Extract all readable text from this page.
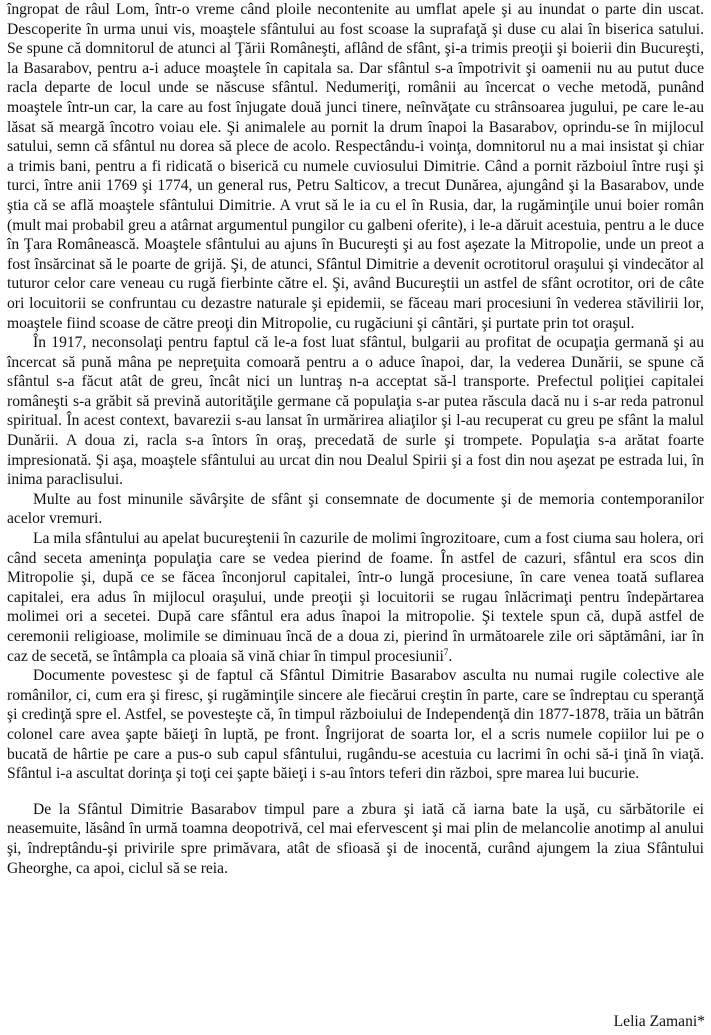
îngropat de râul Lom, într-o vreme când ploile necontenite au umflat apele şi au inundat o parte din uscat. Descoperite în urma unui vis, moaştele sfântului au fost scoase la suprafaţă şi duse cu alai în biserica satului. Se spune că domnitorul de atunci al Ţării Româneşti, aflând de sfânt, şi-a trimis preoţii şi boierii din Bucureşti, la Basarabov, pentru a-i aduce moaştele în capitala sa. Dar sfântul s-a împotrivit şi oamenii nu au putut duce racla departe de locul unde se născuse sfântul. Nedumeriţi, românii au încercat o veche metodă, punând moaştele într-un car, la care au fost înjugate două junci tinere, neînvăţate cu strânsoarea jugului, pe care le-au lăsat să meargă încotro voiau ele. Şi animalele au pornit la drum înapoi la Basarabov, oprindu-se în mijlocul satului, semn că sfântul nu dorea să plece de acolo. Respectându-i voinţa, domnitorul nu a mai insistat şi chiar a trimis bani, pentru a fi ridicată o biserică cu numele cuviosului Dimitrie. Când a pornit războiul între ruşi şi turci, între anii 1769 şi 1774, un general rus, Petru Salticov, a trecut Dunărea, ajungând şi la Basarabov, unde ştia că se află moaştele sfântului Dimitrie. A vrut să le ia cu el în Rusia, dar, la rugăminţile unui boier român (mult mai probabil greu a atârnat argumentul pungilor cu galbeni oferite), i le-a dăruit acestuia, pentru a le duce în Ţara Românească. Moaştele sfântului au ajuns în Bucureşti şi au fost aşezate la Mitropolie, unde un preot a fost însărcinat să le poarte de grijă. Şi, de atunci, Sfântul Dimitrie a devenit ocrotitorul oraşului şi vindecător al tuturor celor care veneau cu rugă fierbinte către el. Şi, având Bucureştii un astfel de sfânt ocrotitor, ori de câte ori locuitorii se confruntau cu dezastre naturale şi epidemii, se făceau mari procesiuni în vederea stăvilirii lor, moaştele fiind scoase de către preoţi din Mitropolie, cu rugăciuni şi cântări, şi purtate prin tot oraşul.

În 1917, neconsolaţi pentru faptul că le-a fost luat sfântul, bulgarii au profitat de ocupaţia germană şi au încercat să pună mâna pe nepreţuita comoară pentru a o aduce înapoi, dar, la vederea Dunării, se spune că sfântul s-a făcut atât de greu, încât nici un luntraş n-a acceptat să-l transporte. Prefectul poliţiei capitalei româneşti s-a grăbit să prevină autorităţile germane că populaţia s-ar putea răscula dacă nu i s-ar reda patronul spiritual. În acest context, bavarezii s-au lansat în urmărirea aliaţilor şi l-au recuperat cu greu pe sfânt la malul Dunării. A doua zi, racla s-a întors în oraş, precedată de surle şi trompete. Populaţia s-a arătat foarte impresionată. Şi aşa, moaştele sfântului au urcat din nou Dealul Spirii şi a fost din nou aşezat pe estrada lui, în inima paraclisului.

Multe au fost minunile săvârşite de sfânt şi consemnate de documente şi de memoria contemporanilor acelor vremuri.

La mila sfântului au apelat bucureştenii în cazurile de molimi îngrozitoare, cum a fost ciuma sau holera, ori când seceta ameninţa populaţia care se vedea pierind de foame. În astfel de cazuri, sfântul era scos din Mitropolie şi, după ce se făcea înconjorul capitalei, într-o lungă procesiune, în care venea toată suflarea capitalei, era adus în mijlocul oraşului, unde preoţii şi locuitorii se rugau înlăcrimaţi pentru îndepărtarea molimei ori a secetei. După care sfântul era adus înapoi la mitropolie. Şi textele spun că, după astfel de ceremonii religioase, molimile se diminuau încă de a doua zi, pierind în următoarele zile ori săptămâni, iar în caz de secetă, se întâmpla ca ploaia să vină chiar în timpul procesiunii$^7$.

Documente povestesc şi de faptul că Sfântul Dimitrie Basarabov asculta nu numai rugile colective ale românilor, ci, cum era şi firesc, şi rugăminţile sincere ale fiecărui creştin în parte, care se îndreptau cu speranţă şi credinţă spre el. Astfel, se povesteşte că, în timpul războiului de Independenţă din 1877-1878, trăia un bătrân colonel care avea şapte băieţi în luptă, pe front. Îngrijorat de soarta lor, el a scris numele copiilor lui pe o bucată de hârtie pe care a pus-o sub capul sfântului, rugându-se acestuia cu lacrimi în ochi să-i ţină în viaţă. Sfântul i-a ascultat dorinţa şi toţi cei şapte băieţi i s-au întors teferi din război, spre marea lui bucurie.

De la Sfântul Dimitrie Basarabov timpul pare a zbura şi iată că iarna bate la uşă, cu sărbătorile ei neasemuite, lăsând în urmă toamna deopotrivă, cel mai efervescent şi mai plin de melancolie anotimp al anului şi, îndreptându-şi privirile spre primăvara, atât de sfioasă şi de inocentă, curând ajungem la ziua Sfântului Gheorghe, ca apoi, ciclul să se reia.

Lelia Zamani*
